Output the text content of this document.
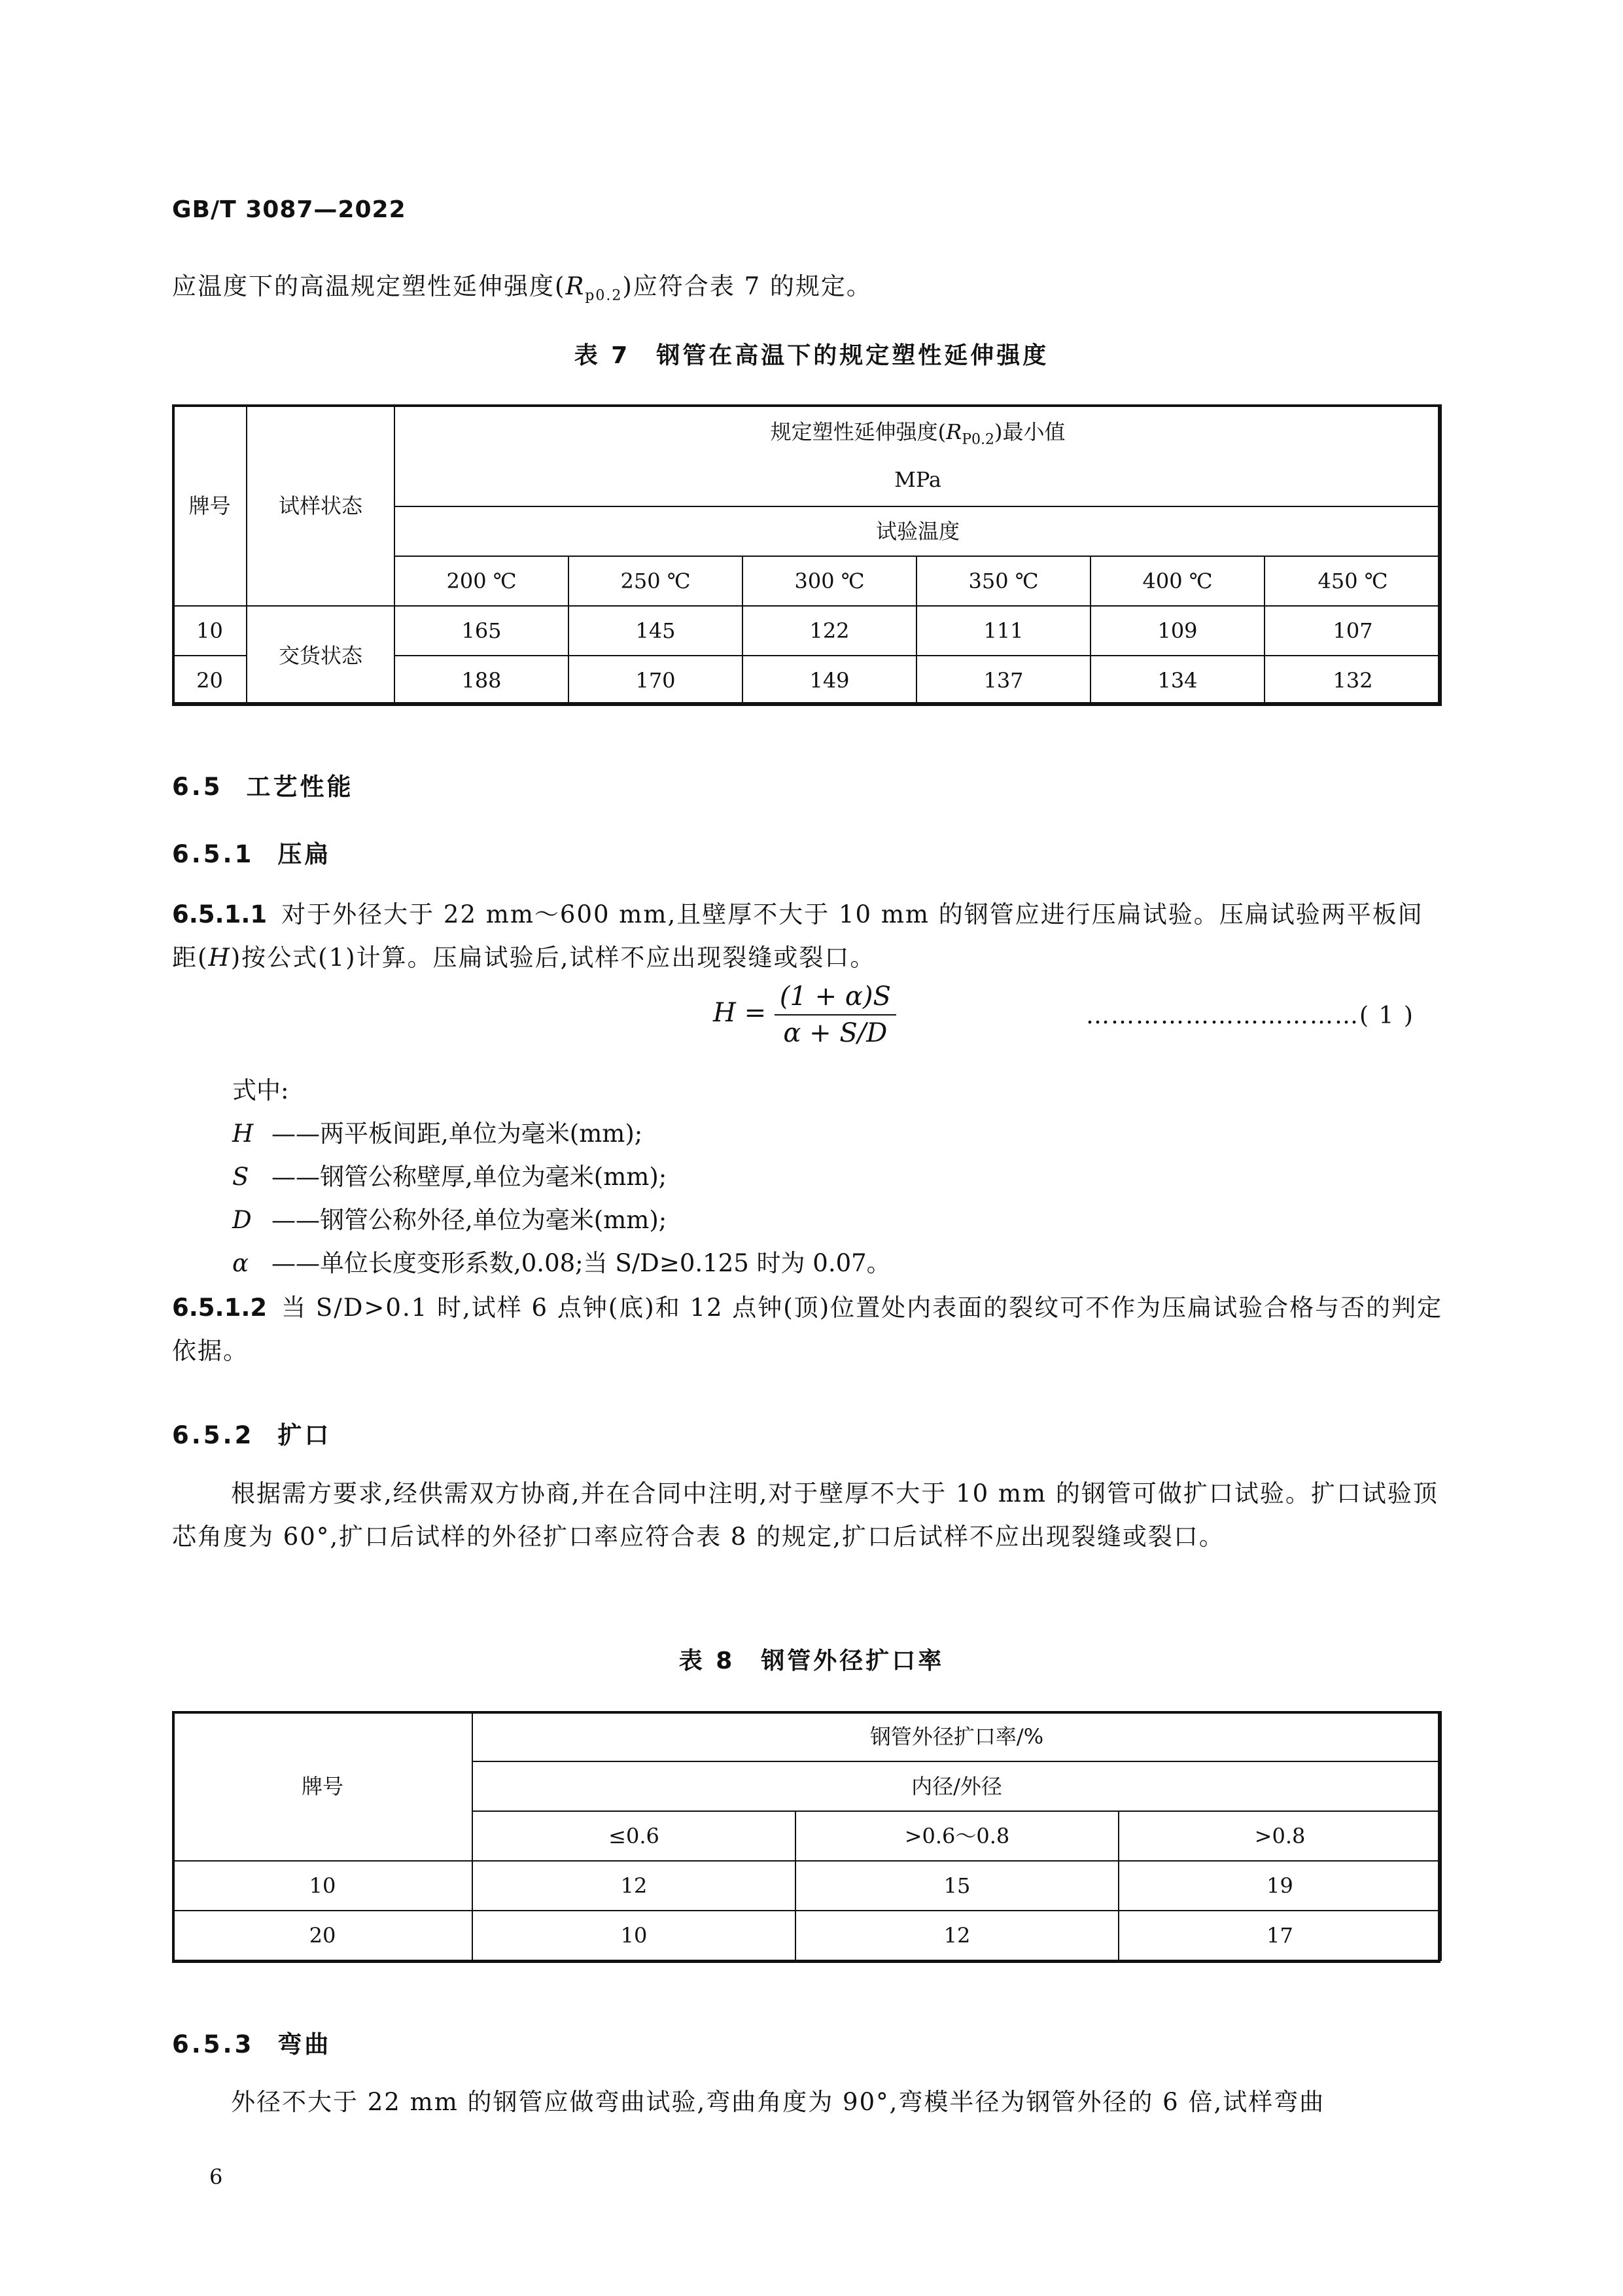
GB/T 3087—2022
应温度下的高温规定塑性延伸强度$(R_{p0.2})$应符合表 7 的规定。
表 7　钢管在高温下的规定塑性延伸强度
牌号	试样状态	规定塑性延伸强度$(R_{P0.2})$最小值
MPa					

		试验温度					
		200 ℃	250 ℃	300 ℃	350 ℃	400 ℃	450 ℃
10	交货状态	165	145	122	111	109	107
20		188	170	149	137	134	132
6.5 工艺性能
6.5.1 压扁
6.5.1.1 对于外径大于 22 mm～600 mm,且壁厚不大于 10 mm 的钢管应进行压扁试验。压扁试验两平板间距(H)按公式(1)计算。压扁试验后,试样不应出现裂缝或裂口。
$H = \frac{(1 + \alpha)S}{\alpha + S/D}$	……………………………( 1 )
式中:
H ——两平板间距,单位为毫米(mm);
S ——钢管公称壁厚,单位为毫米(mm);
D ——钢管公称外径,单位为毫米(mm);
α ——单位长度变形系数,0.08;当 S/D≥0.125 时为 0.07。
6.5.1.2 当 S/D>0.1 时,试样 6 点钟(底)和 12 点钟(顶)位置处内表面的裂纹可不作为压扁试验合格与否的判定依据。
6.5.2 扩口
根据需方要求,经供需双方协商,并在合同中注明,对于壁厚不大于 10 mm 的钢管可做扩口试验。扩口试验顶芯角度为 60°,扩口后试样的外径扩口率应符合表 8 的规定,扩口后试样不应出现裂缝或裂口。
表 8　钢管外径扩口率
牌号	钢管外径扩口率/%		
	内径/外径		
	≤0.6	>0.6～0.8	>0.8
10	12	15	19
20	10	12	17
6.5.3 弯曲
外径不大于 22 mm 的钢管应做弯曲试验,弯曲角度为 90°,弯模半径为钢管外径的 6 倍,试样弯曲
6
